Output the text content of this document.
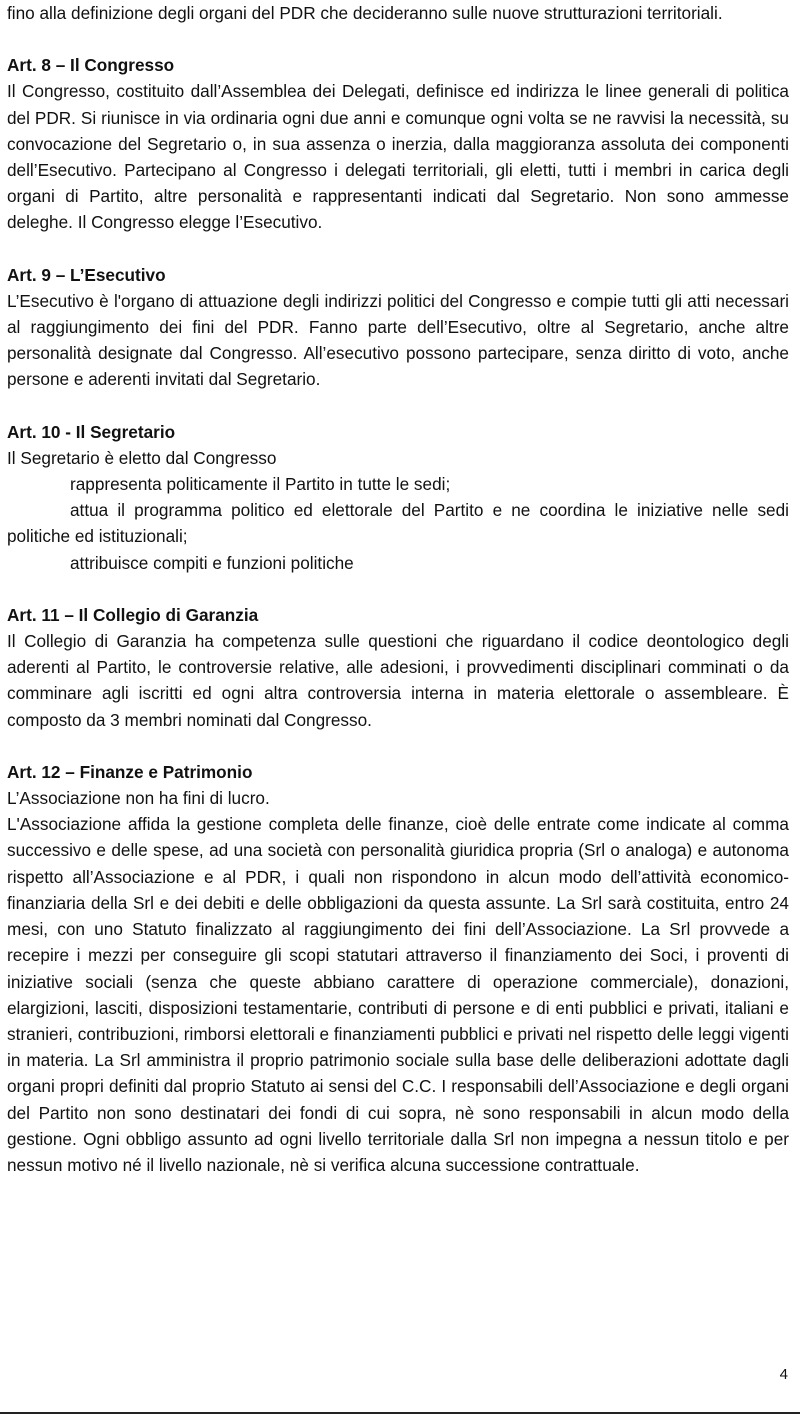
fino alla definizione degli organi del PDR che decideranno sulle nuove strutturazioni territoriali.

Art. 8 – Il Congresso

Il Congresso, costituito dall’Assemblea dei Delegati, definisce ed indirizza le linee generali di politica del PDR. Si riunisce in via ordinaria ogni due anni e comunque ogni volta se ne ravvisi la necessità, su convocazione del Segretario o, in sua assenza o inerzia, dalla maggioranza assoluta dei componenti dell’Esecutivo. Partecipano al Congresso i delegati territoriali, gli eletti, tutti i membri in carica degli organi di Partito, altre personalità e rappresentanti indicati dal Segretario. Non sono ammesse deleghe. Il Congresso elegge l’Esecutivo.

Art. 9 – L’Esecutivo

L’Esecutivo è l'organo di attuazione degli indirizzi politici del Congresso e compie tutti gli atti necessari al raggiungimento dei fini del PDR. Fanno parte dell’Esecutivo, oltre al Segretario, anche altre personalità designate dal Congresso. All’esecutivo possono partecipare, senza diritto di voto, anche persone e aderenti invitati dal Segretario.

Art. 10 - Il Segretario

Il Segretario è eletto dal Congresso

rappresenta politicamente il Partito in tutte le sedi;

attua il programma politico ed elettorale del Partito e ne coordina le iniziative nelle sedi politiche ed istituzionali;

attribuisce compiti e funzioni politiche

Art. 11 – Il Collegio di Garanzia

Il Collegio di Garanzia ha competenza sulle questioni che riguardano il codice deontologico degli aderenti al Partito, le controversie relative, alle adesioni, i provvedimenti disciplinari comminati o da comminare agli iscritti ed ogni altra controversia interna in materia elettorale o assembleare. È composto da 3 membri nominati dal Congresso.

Art. 12 – Finanze e Patrimonio

L’Associazione non ha fini di lucro.

L'Associazione affida la gestione completa delle finanze, cioè delle entrate come indicate al comma successivo e delle spese, ad una società con personalità giuridica propria (Srl o analoga) e autonoma rispetto all’Associazione e al PDR, i quali non rispondono in alcun modo dell’attività economico-finanziaria della Srl e dei debiti e delle obbligazioni da questa assunte. La Srl sarà costituita, entro 24 mesi, con uno Statuto finalizzato al raggiungimento dei fini dell’Associazione. La Srl provvede a recepire i mezzi per conseguire gli scopi statutari attraverso il finanziamento dei Soci, i proventi di iniziative sociali (senza che queste abbiano carattere di operazione commerciale), donazioni, elargizioni, lasciti, disposizioni testamentarie, contributi di persone e di enti pubblici e privati, italiani e stranieri, contribuzioni, rimborsi elettorali e finanziamenti pubblici e privati nel rispetto delle leggi vigenti in materia. La Srl amministra il proprio patrimonio sociale sulla base delle deliberazioni adottate dagli organi propri definiti dal proprio Statuto ai sensi del C.C. I responsabili dell’Associazione e degli organi del Partito non sono destinatari dei fondi di cui sopra, nè sono responsabili in alcun modo della gestione. Ogni obbligo assunto ad ogni livello territoriale dalla Srl non impegna a nessun titolo e per nessun motivo né il livello nazionale, nè si verifica alcuna successione contrattuale.

4
